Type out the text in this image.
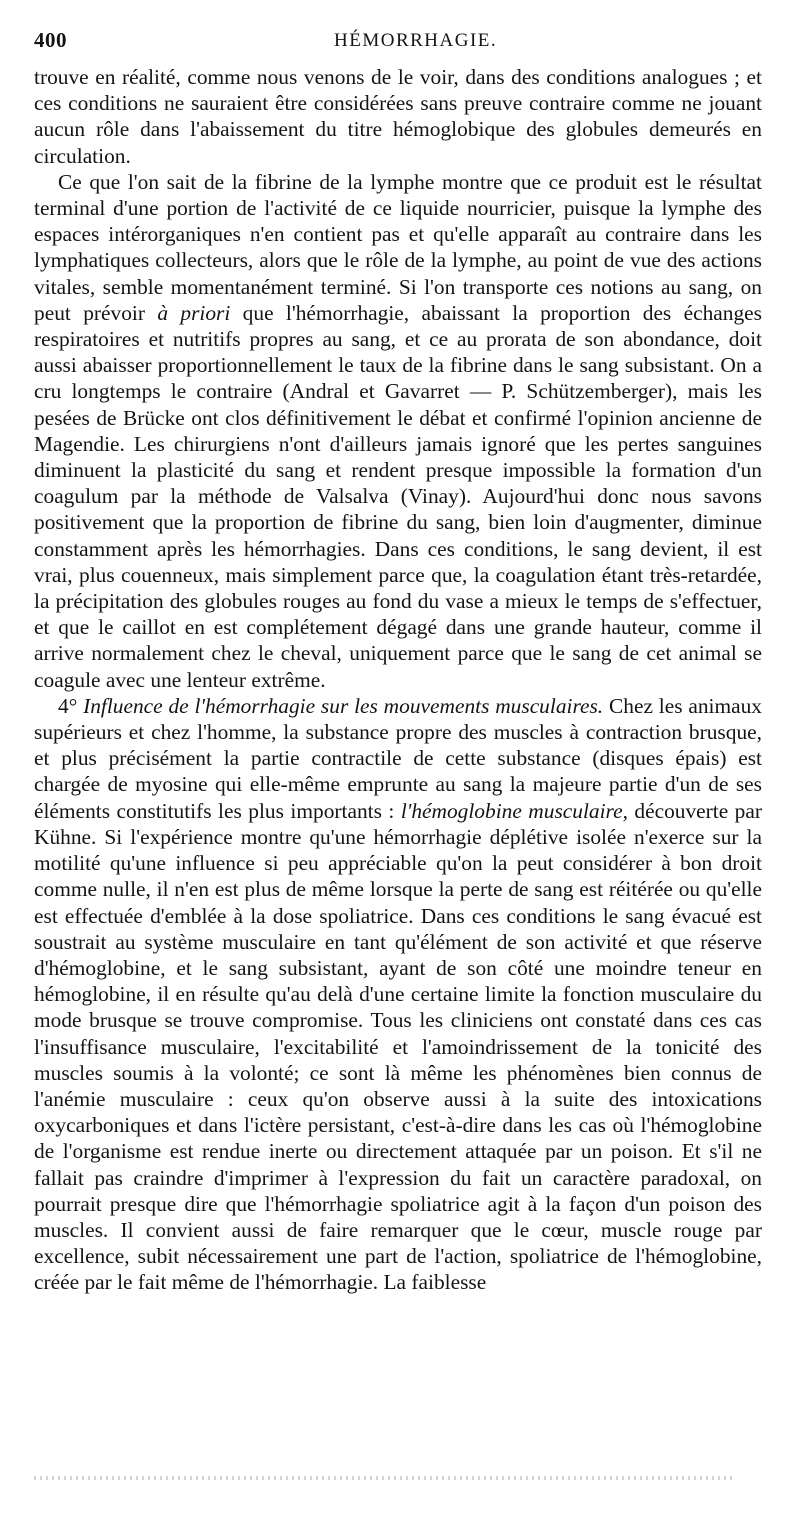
400	HÉMORRHAGIE.

trouve en réalité, comme nous venons de le voir, dans des conditions analogues ; et ces conditions ne sauraient être considérées sans preuve contraire comme ne jouant aucun rôle dans l'abaissement du titre hémoglobique des globules demeurés en circulation.

Ce que l'on sait de la fibrine de la lymphe montre que ce produit est le résultat terminal d'une portion de l'activité de ce liquide nourricier, puisque la lymphe des espaces intérorganiques n'en contient pas et qu'elle apparaît au contraire dans les lymphatiques collecteurs, alors que le rôle de la lymphe, au point de vue des actions vitales, semble momentanément terminé. Si l'on transporte ces notions au sang, on peut prévoir à priori que l'hémorrhagie, abaissant la proportion des échanges respiratoires et nutritifs propres au sang, et ce au prorata de son abondance, doit aussi abaisser proportionnellement le taux de la fibrine dans le sang subsistant. On a cru longtemps le contraire (Andral et Gavarret — P. Schützemberger), mais les pesées de Brücke ont clos définitivement le débat et confirmé l'opinion ancienne de Magendie. Les chirurgiens n'ont d'ailleurs jamais ignoré que les pertes sanguines diminuent la plasticité du sang et rendent presque impossible la formation d'un coagulum par la méthode de Valsalva (Vinay). Aujourd'hui donc nous savons positivement que la proportion de fibrine du sang, bien loin d'augmenter, diminue constamment après les hémorrhagies. Dans ces conditions, le sang devient, il est vrai, plus couenneux, mais simplement parce que, la coagulation étant très-retardée, la précipitation des globules rouges au fond du vase a mieux le temps de s'effectuer, et que le caillot en est complétement dégagé dans une grande hauteur, comme il arrive normalement chez le cheval, uniquement parce que le sang de cet animal se coagule avec une lenteur extrême.

4° Influence de l'hémorrhagie sur les mouvements musculaires. Chez les animaux supérieurs et chez l'homme, la substance propre des muscles à contraction brusque, et plus précisément la partie contractile de cette substance (disques épais) est chargée de myosine qui elle-même emprunte au sang la majeure partie d'un de ses éléments constitutifs les plus importants : l'hémoglobine musculaire, découverte par Kühne. Si l'expérience montre qu'une hémorrhagie déplétive isolée n'exerce sur la motilité qu'une influence si peu appréciable qu'on la peut considérer à bon droit comme nulle, il n'en est plus de même lorsque la perte de sang est réitérée ou qu'elle est effectuée d'emblée à la dose spoliatrice. Dans ces conditions le sang évacué est soustrait au système musculaire en tant qu'élément de son activité et que réserve d'hémoglobine, et le sang subsistant, ayant de son côté une moindre teneur en hémoglobine, il en résulte qu'au delà d'une certaine limite la fonction musculaire du mode brusque se trouve compromise. Tous les cliniciens ont constaté dans ces cas l'insuffisance musculaire, l'excitabilité et l'amoindrissement de la tonicité des muscles soumis à la volonté; ce sont là même les phénomènes bien connus de l'anémie musculaire : ceux qu'on observe aussi à la suite des intoxications oxycarboniques et dans l'ictère persistant, c'est-à-dire dans les cas où l'hémoglobine de l'organisme est rendue inerte ou directement attaquée par un poison. Et s'il ne fallait pas craindre d'imprimer à l'expression du fait un caractère paradoxal, on pourrait presque dire que l'hémorrhagie spoliatrice agit à la façon d'un poison des muscles. Il convient aussi de faire remarquer que le cœur, muscle rouge par excellence, subit nécessairement une part de l'action, spoliatrice de l'hémoglobine, créée par le fait même de l'hémorrhagie. La faiblesse
